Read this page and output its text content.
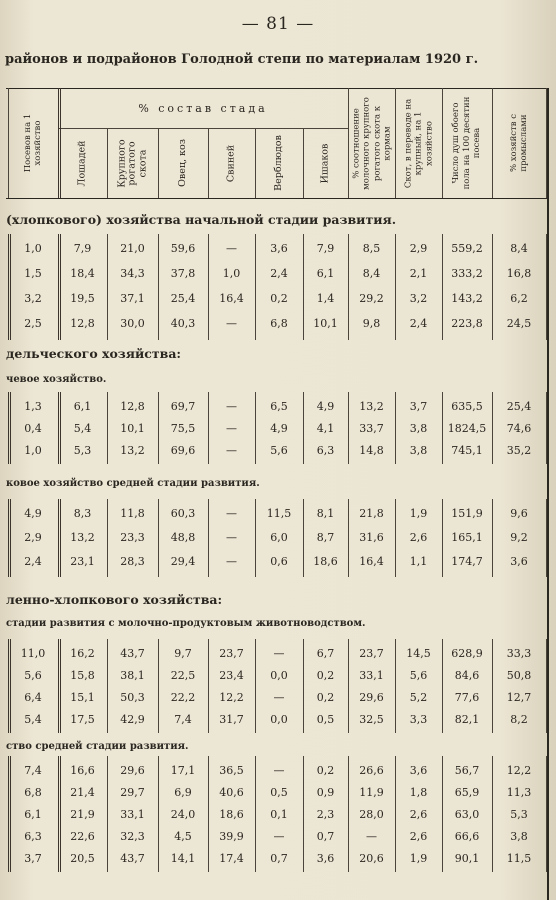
— 81 —
районов и подрайонов Голодной степи по материалам 1920 г.
% состав стада
Посевов на 1 хозяйство	Лошадей	Крупного рогатого скота	Овец, коз	Свиней	Верблюдов	Ишаков	% соотношение молочного крупного рогатого скота к кормам	Скот, в переводе на крупный, на 1 хозяйство	Число душ обоего пола на 100 десятин посева	% хозяйств с промыслами
(хлопкового) хозяйства начальной стадии развития.
1,0	7,9	21,0	59,6	—	3,6	7,9	8,5	2,9	559,2	8,4
1,5	18,4	34,3	37,8	1,0	2,4	6,1	8,4	2,1	333,2	16,8
3,2	19,5	37,1	25,4	16,4	0,2	1,4	29,2	3,2	143,2	6,2
2,5	12,8	30,0	40,3	—	6,8	10,1	9,8	2,4	223,8	24,5
дельческого хозяйства:
чевое хозяйство.
1,3	6,1	12,8	69,7	—	6,5	4,9	13,2	3,7	635,5	25,4
0,4	5,4	10,1	75,5	—	4,9	4,1	33,7	3,8	1824,5	74,6
1,0	5,3	13,2	69,6	—	5,6	6,3	14,8	3,8	745,1	35,2
ковое хозяйство средней стадии развития.
4,9	8,3	11,8	60,3	—	11,5	8,1	21,8	1,9	151,9	9,6
2,9	13,2	23,3	48,8	—	6,0	8,7	31,6	2,6	165,1	9,2
2,4	23,1	28,3	29,4	—	0,6	18,6	16,4	1,1	174,7	3,6
ленно-хлопкового хозяйства:
стадии развития с молочно-продуктовым животноводством.
11,0	16,2	43,7	9,7	23,7	—	6,7	23,7	14,5	628,9	33,3
5,6	15,8	38,1	22,5	23,4	0,0	0,2	33,1	5,6	84,6	50,8
6,4	15,1	50,3	22,2	12,2	—	0,2	29,6	5,2	77,6	12,7
5,4	17,5	42,9	7,4	31,7	0,0	0,5	32,5	3,3	82,1	8,2
ство средней стадии развития.
7,4	16,6	29,6	17,1	36,5	—	0,2	26,6	3,6	56,7	12,2
6,8	21,4	29,7	6,9	40,6	0,5	0,9	11,9	1,8	65,9	11,3
6,1	21,9	33,1	24,0	18,6	0,1	2,3	28,0	2,6	63,0	5,3
6,3	22,6	32,3	4,5	39,9	—	0,7	—	2,6	66,6	3,8
3,7	20,5	43,7	14,1	17,4	0,7	3,6	20,6	1,9	90,1	11,5
